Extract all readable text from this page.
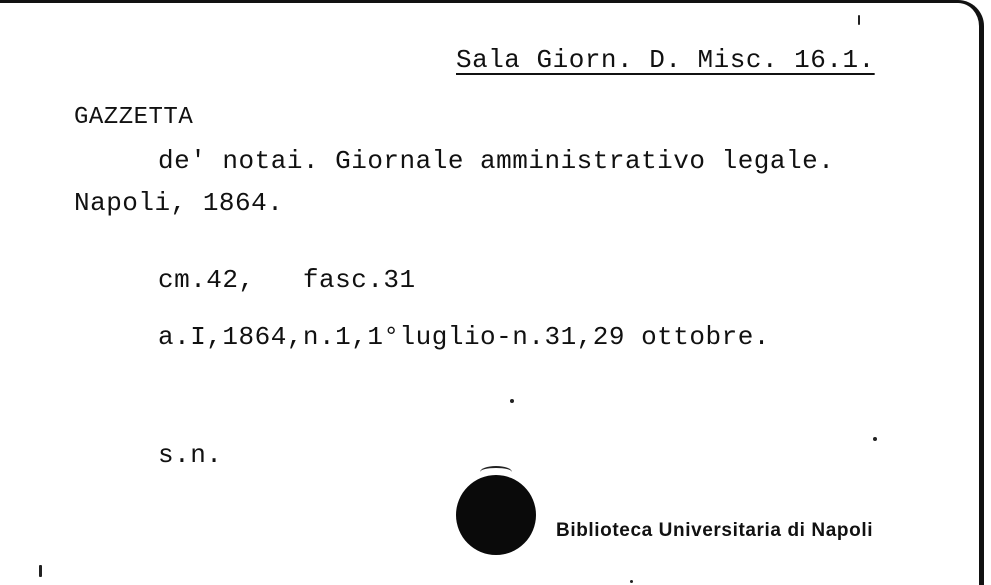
Sala Giorn. D. Misc. 16.1.
GAZZETTA
de' notai. Giornale amministrativo legale.
Napoli, 1864.
cm.42,   fasc.31
a.I,1864,n.1,1°luglio-n.31,29 ottobre.
s.n.
Biblioteca Universitaria di Napoli
